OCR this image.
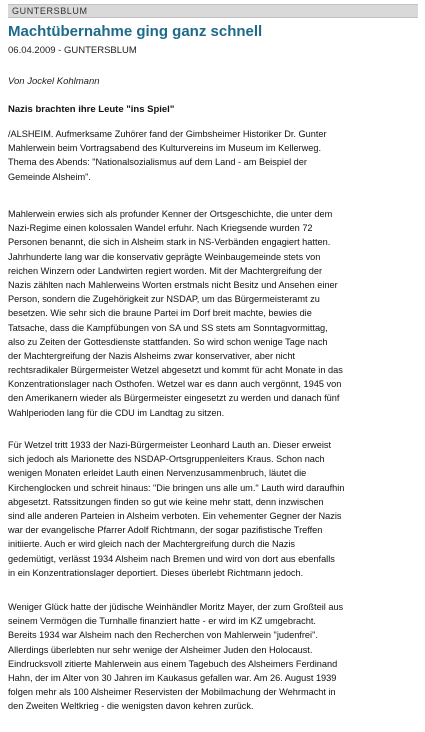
GUNTERSBLUM
Machtübernahme ging ganz schnell
06.04.2009 - GUNTERSBLUM
Von Jockel Kohlmann
Nazis brachten ihre Leute "ins Spiel"
/ALSHEIM. Aufmerksame Zuhörer fand der Gimbsheimer Historiker Dr. Gunter
Mahlerwein beim Vortragsabend des Kulturvereins im Museum im Kellerweg.
Thema des Abends: "Nationalsozialismus auf dem Land - am Beispiel der
Gemeinde Alsheim".
Mahlerwein erwies sich als profunder Kenner der Ortsgeschichte, die unter dem
Nazi-Regime einen kolossalen Wandel erfuhr. Nach Kriegsende wurden 72
Personen benannt, die sich in Alsheim stark in NS-Verbänden engagiert hatten.
Jahrhunderte lang war die konservativ geprägte Weinbaugemeinde stets von
reichen Winzern oder Landwirten regiert worden. Mit der Machtergreifung der
Nazis zählten nach Mahlerweins Worten erstmals nicht Besitz und Ansehen einer
Person, sondern die Zugehörigkeit zur NSDAP, um das Bürgermeisteramt zu
besetzen. Wie sehr sich die braune Partei im Dorf breit machte, bewies die
Tatsache, dass die Kampfübungen von SA und SS stets am Sonntagvormittag,
also zu Zeiten der Gottesdienste stattfanden. So wird schon wenige Tage nach
der Machtergreifung der Nazis Alsheims zwar konservativer, aber nicht
rechtsradikaler Bürgermeister Wetzel abgesetzt und kommt für acht Monate in das
Konzentrationslager nach Osthofen. Wetzel war es dann auch vergönnt, 1945 von
den Amerikanern wieder als Bürgermeister eingesetzt zu werden und danach fünf
Wahlperioden lang für die CDU im Landtag zu sitzen.
Für Wetzel tritt 1933 der Nazi-Bürgermeister Leonhard Lauth an. Dieser erweist
sich jedoch als Marionette des NSDAP-Ortsgruppenleiters Kraus. Schon nach
wenigen Monaten erleidet Lauth einen Nervenzusammenbruch, läutet die
Kirchenglocken und schreit hinaus: "Die bringen uns alle um." Lauth wird daraufhin
abgesetzt. Ratssitzungen finden so gut wie keine mehr statt, denn inzwischen
sind alle anderen Parteien in Alsheim verboten. Ein vehementer Gegner der Nazis
war der evangelische Pfarrer Adolf Richtmann, der sogar pazifistische Treffen
initiierte. Auch er wird gleich nach der Machtergreifung durch die Nazis
gedemütigt, verlässt 1934 Alsheim nach Bremen und wird von dort aus ebenfalls
in ein Konzentrationslager deportiert. Dieses überlebt Richtmann jedoch.
Weniger Glück hatte der jüdische Weinhändler Moritz Mayer, der zum Großteil aus
seinem Vermögen die Turnhalle finanziert hatte - er wird im KZ umgebracht.
Bereits 1934 war Alsheim nach den Recherchen von Mahlerwein "judenfrei".
Allerdings überlebten nur sehr wenige der Alsheimer Juden den Holocaust.
Eindrucksvoll zitierte Mahlerwein aus einem Tagebuch des Alsheimers Ferdinand
Hahn, der im Alter von 30 Jahren im Kaukasus gefallen war. Am 26. August 1939
folgen mehr als 100 Alsheimer Reservisten der Mobilmachung der Wehrmacht in
den Zweiten Weltkrieg - die wenigsten davon kehren zurück.
